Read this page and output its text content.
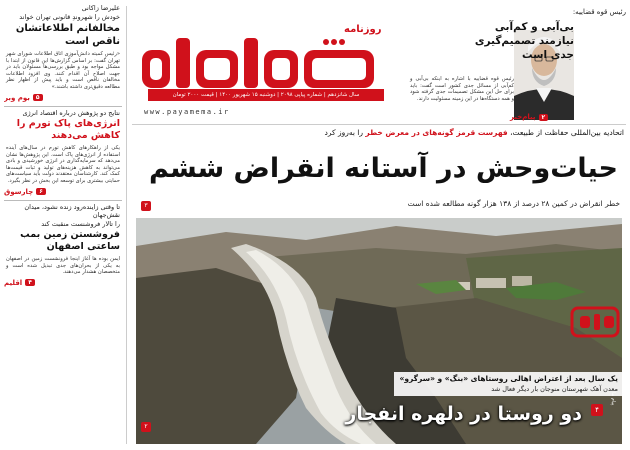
علیرضا زاکانی
خودش را شهروندِ قانونی تهران خواند
مخالفانم اطلاعاتشان ناقص است
«رئیس کمیته دانش‌آموزی اتاق اطلاعات شورای شهر تهران گفت: بر اساس گزارش‌ها این قانون از ابتدا با مشکل مواجه بود و طبق بررسی‌ها مسئولان باید در جهت اصلاح آن اقدام کنند. وی افزود اطلاعات مخالفان ناقص است و باید پیش از اظهار نظر مطالعه دقیق‌تری داشته باشند.»
۵
بوم وبر
نتایج دو پژوهش درباره اقتصاد انرژی
انرژی‌های پاک تورم را کاهش می‌دهند
یکی از راهکارهای کاهش تورم در سال‌های آینده استفاده از انرژی‌های پاک است. این پژوهش‌ها نشان می‌دهد که سرمایه‌گذاری در انرژی خورشیدی و بادی می‌تواند به کاهش هزینه‌های تولید و ثبات قیمت‌ها کمک کند. کارشناسان معتقدند دولت باید سیاست‌های حمایتی بیشتری برای توسعه این بخش در نظر بگیرد.
۶
چارسوق
تا وقتی زاینده‌رود زنده نشود، میدان نقش‌جهان
را تالار فروشنست منقبت کند
فروشستن زمین بمب ساعتی اصفهان
ایمن بوده ها آغاز اینجا فرونشست زمین در اصفهان به یکی از بحران‌های جدی تبدیل شده است و متخصصان هشدار می‌دهند.
۴
اقلیم
روزنامه
سال شانزدهم | شماره پیاپی ۲۰۹۸ | دوشنبه ۱۵ شهریور ۱۴۰۰ | قیمت ۲۰۰۰ تومان
www.payamema.ir
رئیس قوه قضاییه:
بی‌آبی و کم‌آبی نیازمند تصمیم‌گیری جدی است
رئیس قوه قضاییه با اشاره به اینکه بی‌آبی و کم‌آبی از مسائل جدی کشور است گفت: باید برای حل این مشکل تصمیمات جدی گرفته شود و همه دستگاه‌ها در این زمینه مسئولیت دارند.
۲
پیام‌خبر
اتحادیه بین‌المللی حفاظت از طبیعت، فهرست قرمز گونه‌های در معرض خطر را به‌روز کرد
حیات‌وحش در آستانه انقراض ششم
۳	خطر انقراض در کمین ۲۸ درصد از ۱۳۸ هزار گونه مطالعه شده است
یک سال بعد از اعتراض اهالی روستاهای «بنگ» و «سرگرو»
معدن آهک شهرستان منوجان بار دیگر فعال شد
دو روستا در دلهره انفجار	۴
۲
پیام ما
